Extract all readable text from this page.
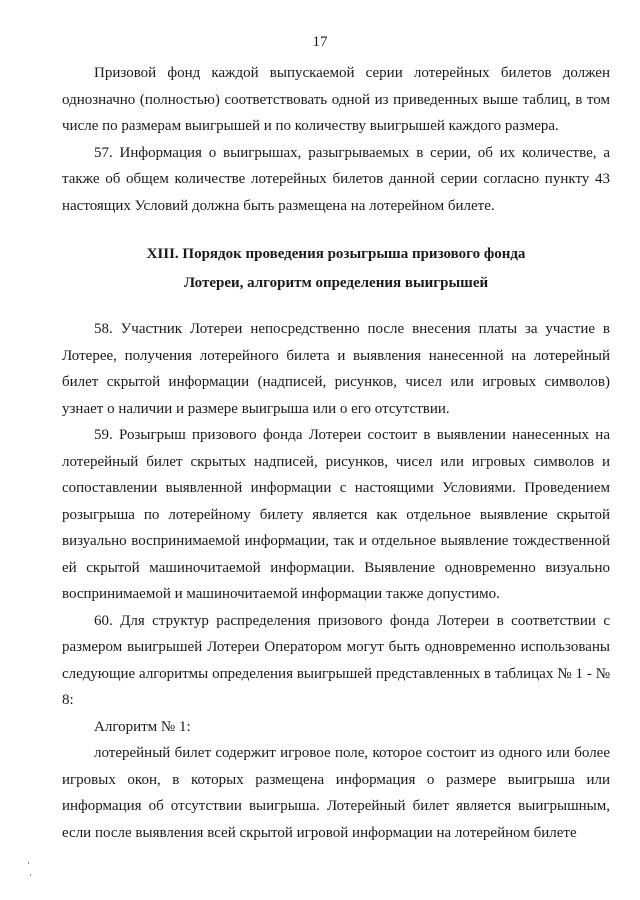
17

Призовой фонд каждой выпускаемой серии лотерейных билетов должен однозначно (полностью) соответствовать одной из приведенных выше таблиц, в том числе по размерам выигрышей и по количеству выигрышей каждого размера.

57. Информация о выигрышах, разыгрываемых в серии, об их количестве, а также об общем количестве лотерейных билетов данной серии согласно пункту 43 настоящих Условий должна быть размещена на лотерейном билете.

XIII. Порядок проведения розыгрыша призового фонда
Лотереи, алгоритм определения выигрышей

58. Участник Лотереи непосредственно после внесения платы за участие в Лотерее, получения лотерейного билета и выявления нанесенной на лотерейный билет скрытой информации (надписей, рисунков, чисел или игровых символов) узнает о наличии и размере выигрыша или о его отсутствии.

59. Розыгрыш призового фонда Лотереи состоит в выявлении нанесенных на лотерейный билет скрытых надписей, рисунков, чисел или игровых символов и сопоставлении выявленной информации с настоящими Условиями. Проведением розыгрыша по лотерейному билету является как отдельное выявление скрытой визуально воспринимаемой информации, так и отдельное выявление тождественной ей скрытой машиночитаемой информации. Выявление одновременно визуально воспринимаемой и машиночитаемой информации также допустимо.

60. Для структур распределения призового фонда Лотереи в соответствии с размером выигрышей Лотереи Оператором могут быть одновременно использованы следующие алгоритмы определения выигрышей представленных в таблицах № 1 - № 8:

Алгоритм № 1:

лотерейный билет содержит игровое поле, которое состоит из одного или более игровых окон, в которых размещена информация о размере выигрыша или информация об отсутствии выигрыша. Лотерейный билет является выигрышным, если после выявления всей скрытой игровой информации на лотерейном билете
